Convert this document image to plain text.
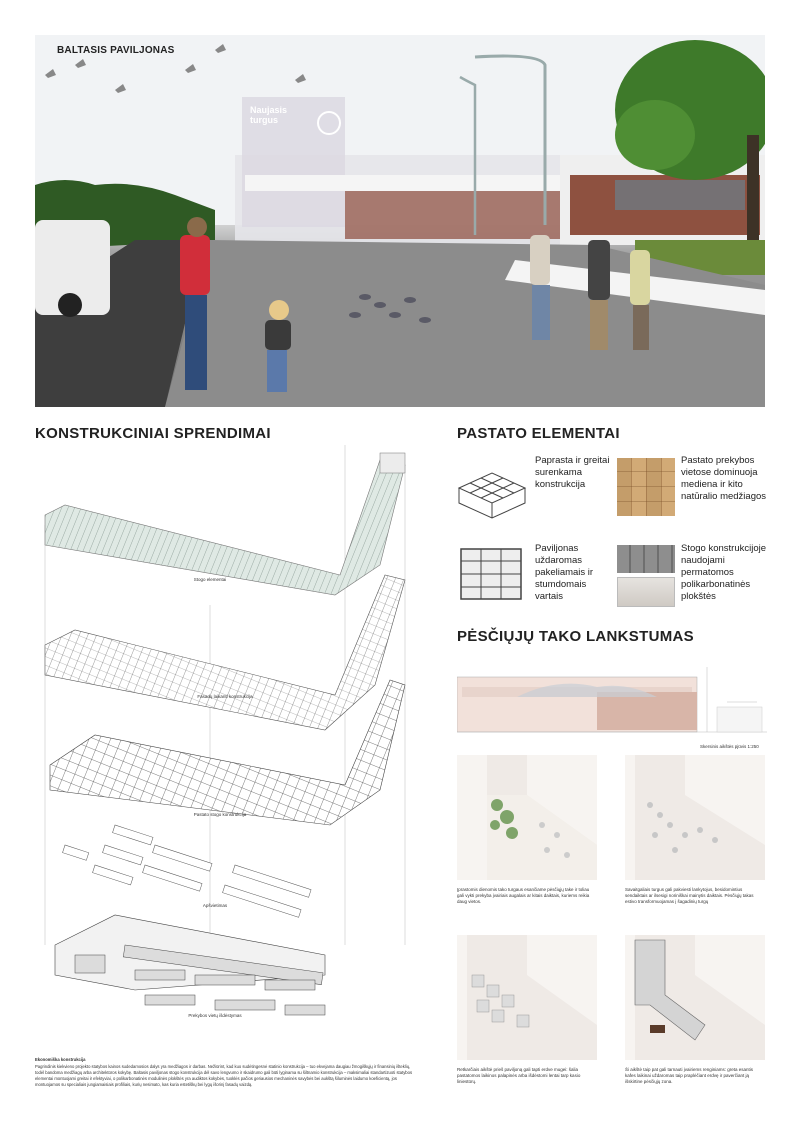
BALTASIS PAVILJONAS
Naujasis turgus
KONSTRUKCINIAI SPRENDIMAI
Stogo elementai
Fasadų laikanti konstrukcija
Pastato stogo konstrukcija
Apšvietimas
Prekybos vietų išdėstymas
Ekonomiška konstrukcija
Pagrindinis kiekvieno projekto statybos kainos sudedamosios dalys yra medžiagos ir darbas. Nežiūrint, kad kuo sudėtingesnė statinio konstrukcija – tuo ekvejama daugiau žmogiškųjų ir finansinių išteklių, todėl bandoma medžiagų arba architektūros kokybę. Baltasis paviljonas stogo konstrukcija dėl savo lengvumo ir skaidrumo gali būti lyginama su šiltnamio konstrukcija – maksimaliai standartizuoti statybos elementai montuojami greitai ir efektyviai, o polikarbonatinės modulinės plokštės yra audiktos kokybės, tuoklės pačios geriausios mechaninės savybės bei aukštą šiluminės laidumo koeficientą, jos montuojamos su specialiais jungiamaisiais profiliais, kurių nesimato, kas kuria estetiškų bei lygų išorinį fasadų vaizdą.
PASTATO ELEMENTAI
Paprasta ir greitai surenkama konstrukcija
Pastato prekybos vietose dominuoja mediena ir kito natūralio medžiagos
Paviljonas uždaromas pakeliamais ir stumdomais vartais
Stogo konstrukcijoje naudojami permatomos polikarbonatinės plokštės
PĖSČIŲJŲ TAKO LANKSTUMAS
Skersinis aikštės pjūvis 1:250
Įprastomis dienomis tako turgaus esančiame pėsčiųjų take ir toliau gali vykti prekyba įvairiais augalais ar kitais daiktais, kuriems reikia daug vietos.
Savaitgaliais turgus gali pakviesti lankytojus, besidomintius sendaiktais ar ilsesigi noriniškai mainytis daiktais. Pėsčiųjų takas estivo transformuojamas į šagadinių turgų
Retkarčiais aikštė prieš paviljoną gali tapti erdve mugei: šalia pastatomos laikinos palapinės arba išdėstomi lentai tarp kasio liniestūrų.
Ši aikštė taip pat gali tarnauti įvairiems renginiams: greta esantis kafes laikinai uždaromas taip praplėčiant erdvę ir paverčiant ją išskirtine pėsčiųjų zona.
